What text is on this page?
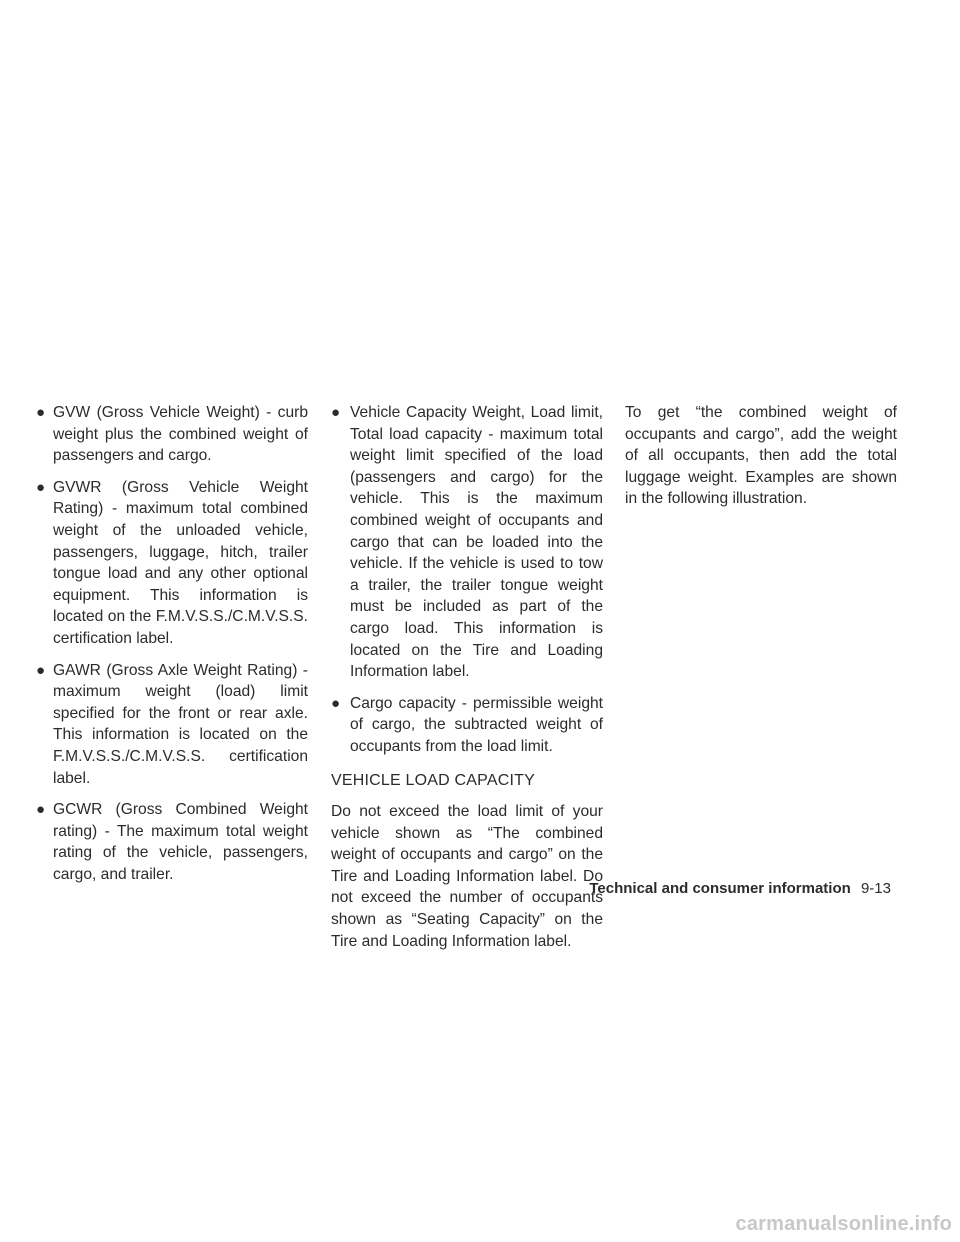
● GVW (Gross Vehicle Weight) - curb weight plus the combined weight of passengers and cargo.
● GVWR (Gross Vehicle Weight Rating) - maximum total combined weight of the unloaded vehicle, passengers, luggage, hitch, trailer tongue load and any other optional equipment. This information is located on the F.M.V.S.S./C.M.V.S.S. certification label.
● GAWR (Gross Axle Weight Rating) - maximum weight (load) limit specified for the front or rear axle. This information is located on the F.M.V.S.S./C.M.V.S.S. certification label.
● GCWR (Gross Combined Weight rating) - The maximum total weight rating of the vehicle, passengers, cargo, and trailer.
● Vehicle Capacity Weight, Load limit, Total load capacity - maximum total weight limit specified of the load (passengers and cargo) for the vehicle. This is the maximum combined weight of occupants and cargo that can be loaded into the vehicle. If the vehicle is used to tow a trailer, the trailer tongue weight must be included as part of the cargo load. This information is located on the Tire and Loading Information label.
● Cargo capacity - permissible weight of cargo, the subtracted weight of occupants from the load limit.
VEHICLE LOAD CAPACITY

Do not exceed the load limit of your vehicle shown as “The combined weight of occupants and cargo” on the Tire and Loading Information label. Do not exceed the number of occupants shown as “Seating Capacity” on the Tire and Loading Information label.

To get “the combined weight of occupants and cargo”, add the weight of all occupants, then add the total luggage weight. Examples are shown in the following illustration.

Technical and consumer information 9-13
carmanualsonline.info
